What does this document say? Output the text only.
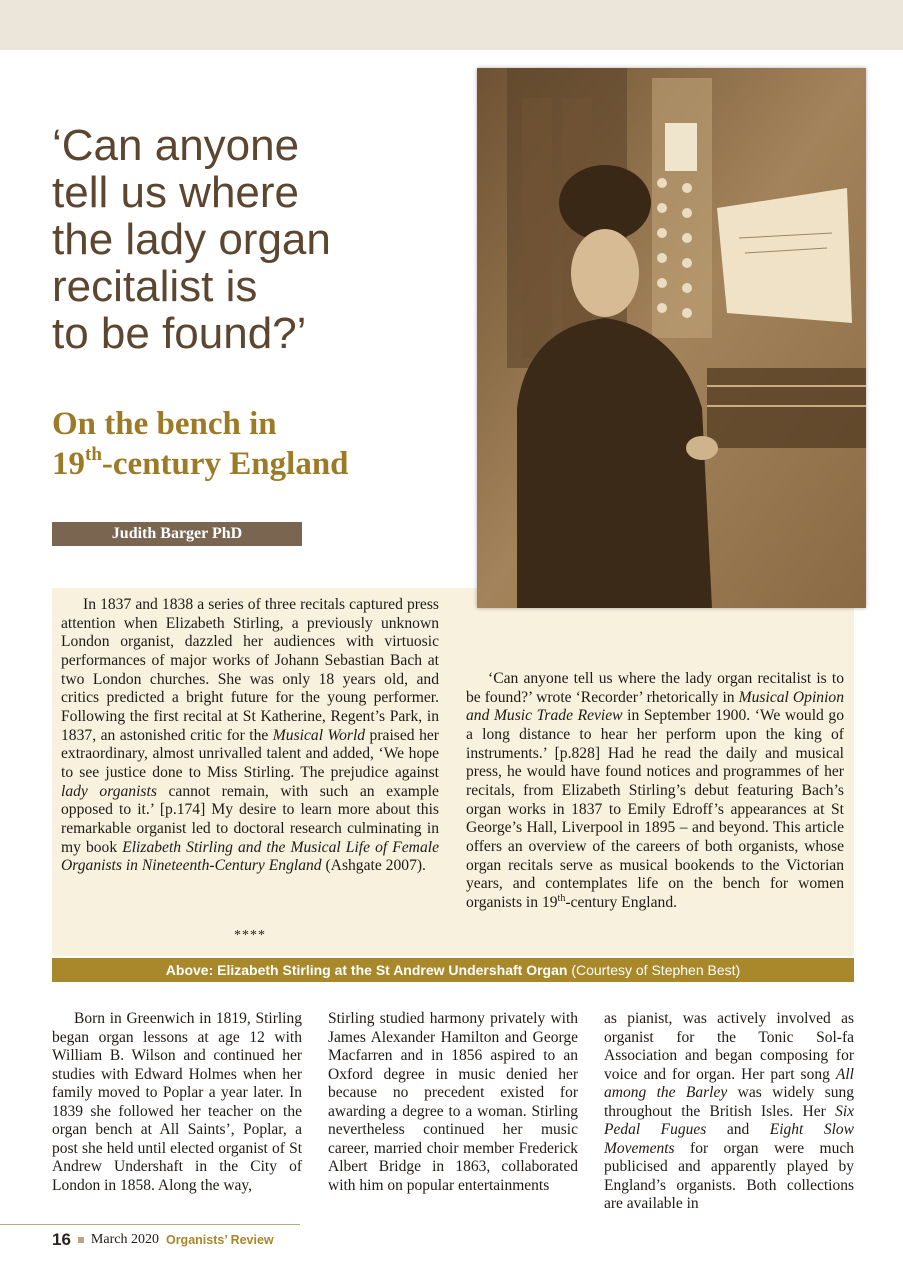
‘Can anyone
tell us where
the lady organ
recitalist is
to be found?’
On the bench in
19th-century England
Judith Barger PhD

In 1837 and 1838 a series of three recitals captured press attention when Elizabeth Stirling, a previously unknown London organist, dazzled her audiences with virtuosic performances of major works of Johann Sebastian Bach at two London churches. She was only 18 years old, and critics predicted a bright future for the young performer. Following the first recital at St Katherine, Regent’s Park, in 1837, an astonished critic for the Musical World praised her extraordinary, almost unrivalled talent and added, ‘We hope to see justice done to Miss Stirling. The prejudice against lady organists cannot remain, with such an example opposed to it.’ [p.174] My desire to learn more about this remarkable organist led to doctoral research culminating in my book Elizabeth Stirling and the Musical Life of Female Organists in Nineteenth-Century England (Ashgate 2007).

****

‘Can anyone tell us where the lady organ recitalist is to be found?’ wrote ‘Recorder’ rhetorically in Musical Opinion and Music Trade Review in September 1900. ‘We would go a long distance to hear her perform upon the king of instruments.’ [p.828] Had he read the daily and musical press, he would have found notices and programmes of her recitals, from Elizabeth Stirling’s debut featuring Bach’s organ works in 1837 to Emily Edroff’s appearances at St George’s Hall, Liverpool in 1895 – and beyond. This article offers an overview of the careers of both organists, whose organ recitals serve as musical bookends to the Victorian years, and contemplates life on the bench for women organists in 19th-century England.

Above: Elizabeth Stirling at the St Andrew Undershaft Organ (Courtesy of Stephen Best)

Born in Greenwich in 1819, Stirling began organ lessons at age 12 with William B. Wilson and continued her studies with Edward Holmes when her family moved to Poplar a year later. In 1839 she followed her teacher on the organ bench at All Saints’, Poplar, a post she held until elected organist of St Andrew Undershaft in the City of London in 1858. Along the way,

Stirling studied harmony privately with James Alexander Hamilton and George Macfarren and in 1856 aspired to an Oxford degree in music denied her because no precedent existed for awarding a degree to a woman. Stirling nevertheless continued her music career, married choir member Frederick Albert Bridge in 1863, collaborated with him on popular entertainments

as pianist, was actively involved as organist for the Tonic Sol-fa Association and began composing for voice and for organ. Her part song All among the Barley was widely sung throughout the British Isles. Her Six Pedal Fugues and Eight Slow Movements for organ were much publicised and apparently played by England’s organists. Both collections are available in

16 March 2020 Organists’ Review
